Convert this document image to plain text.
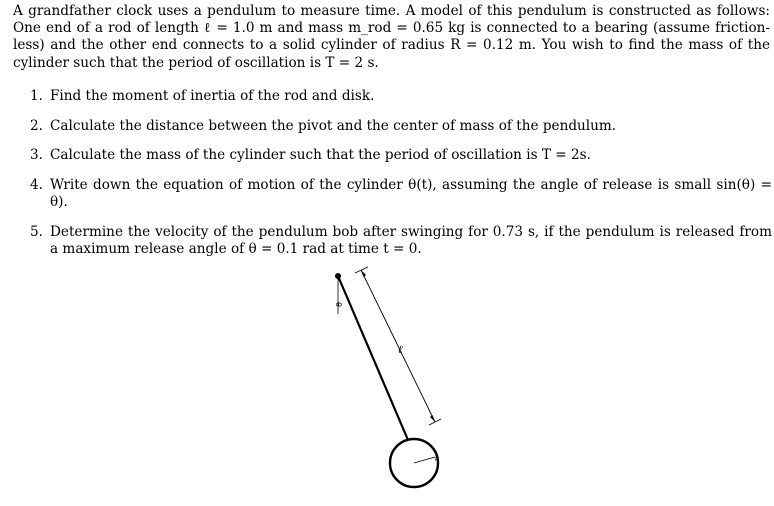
A grandfather clock uses a pendulum to measure time. A model of this pendulum is constructed as follows: One end of a rod of length ℓ = 1.0 m and mass m_rod = 0.65 kg is connected to a bearing (assume friction-less) and the other end connects to a solid cylinder of radius R = 0.12 m. You wish to find the mass of the cylinder such that the period of oscillation is T = 2 s.

1. Find the moment of inertia of the rod and disk.
2. Calculate the distance between the pivot and the center of mass of the pendulum.
3. Calculate the mass of the cylinder such that the period of oscillation is T = 2s.
4. Write down the equation of motion of the cylinder θ(t), assuming the angle of release is small sin(θ) = θ).
5. Determine the velocity of the pendulum bob after swinging for 0.73 s, if the pendulum is released from a maximum release angle of θ = 0.1 rad at time t = 0.
θ
ℓ
R
